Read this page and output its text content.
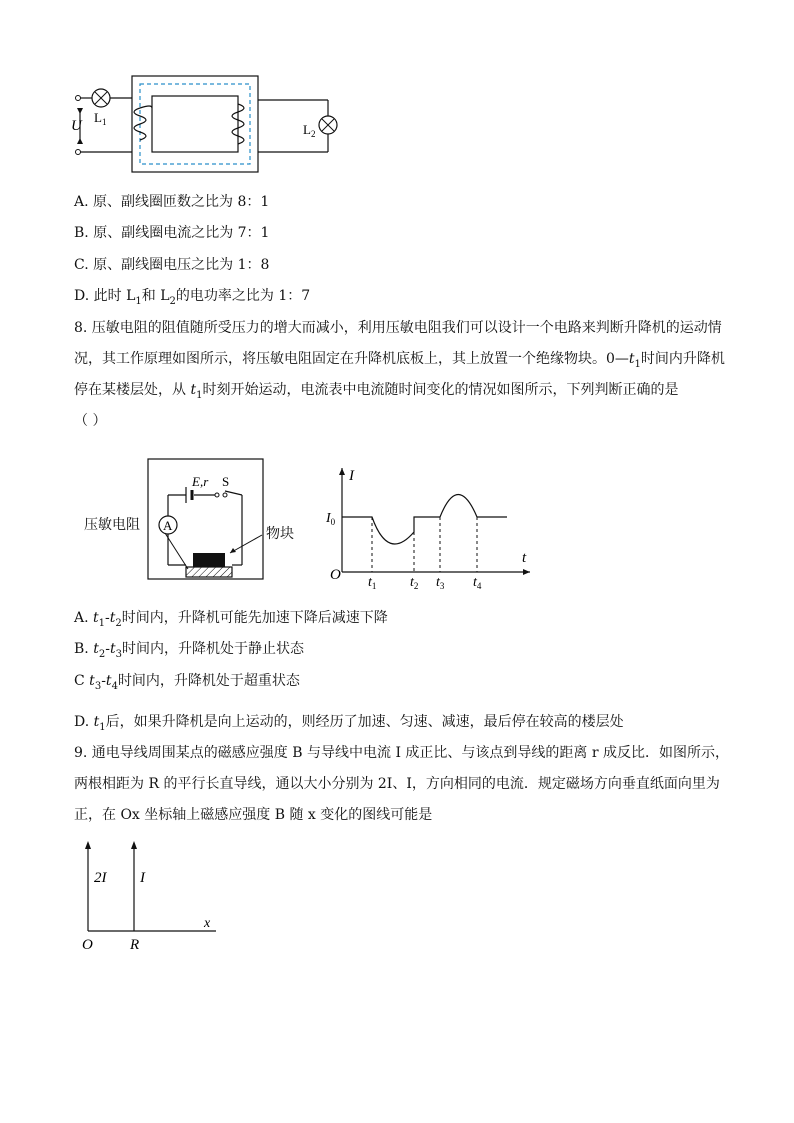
U
$L_1$	$L_2$
A. 原、副线圈匝数之比为 8：1
B. 原、副线圈电流之比为 7：1
C. 原、副线圈电压之比为 1：8
D. 此时 $L_1$和 $L_2$的电功率之比为 1：7
8. 压敏电阻的阻值随所受压力的增大而减小，利用压敏电阻我们可以设计一个电路来判断升降机的运动情
况，其工作原理如图所示，将压敏电阻固定在升降机底板上，其上放置一个绝缘物块。$0—t_1$时间内升降机
停在某楼层处，从 $t_1$时刻开始运动，电流表中电流随时间变化的情况如图所示，下列判断正确的是
（ ）
A
E,r S
压敏电阻
物块
I
t
O
$I_0$
$t_1$ $t_2$ $t_3$ $t_4$
A. $t_1-t_2$时间内，升降机可能先加速下降后减速下降
B. $t_2-t_3$时间内，升降机处于静止状态
C $t_3-t_4$时间内，升降机处于超重状态
D. $t_1$后，如果升降机是向上运动的，则经历了加速、匀速、减速，最后停在较高的楼层处
9. 通电导线周围某点的磁感应强度 B 与导线中电流 I 成正比、与该点到导线的距离 r 成反比．如图所示，
两根相距为 R 的平行长直导线，通以大小分别为 2I、I，方向相同的电流．规定磁场方向垂直纸面向里为
正，在 Ox 坐标轴上磁感应强度 B 随 x 变化的图线可能是
2I I
x
O R
